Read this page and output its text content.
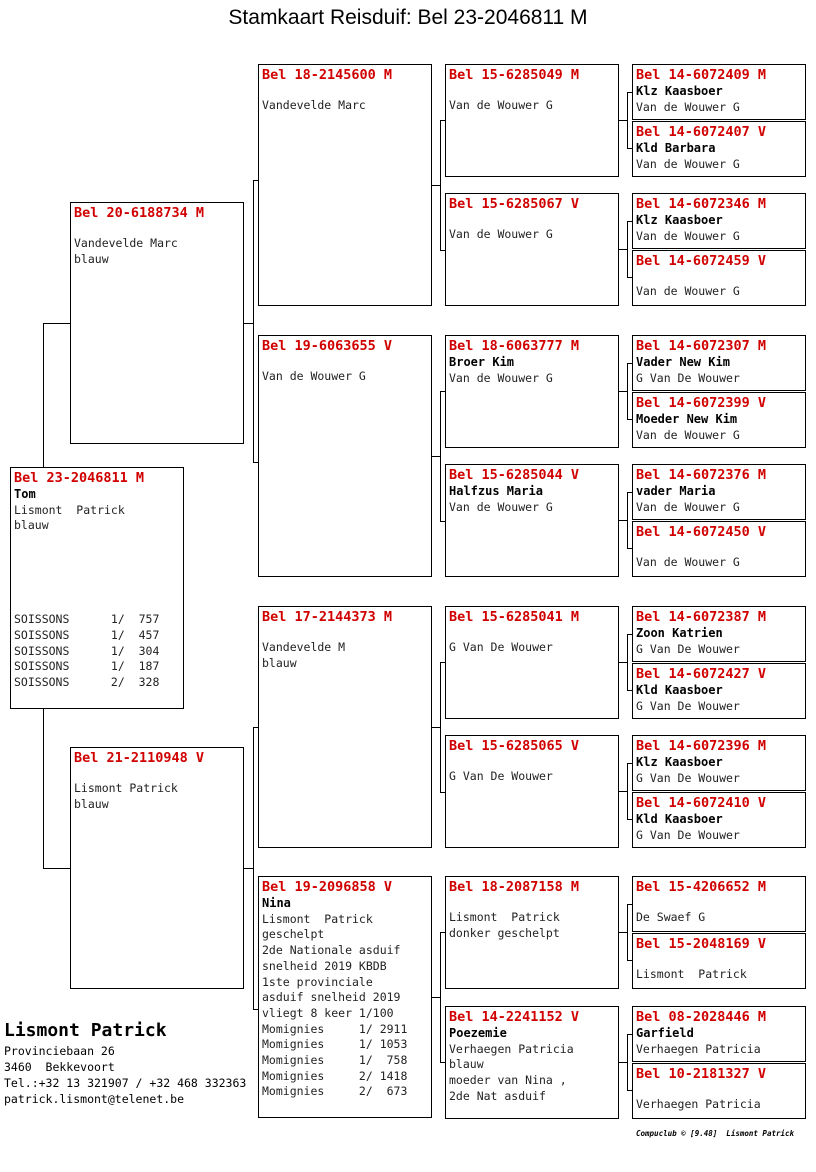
Stamkaart Reisduif: Bel 23-2046811 M
Bel 23-2046811 M
Tom
Lismont  Patrick
blauw
SOISSONS      1/  757
SOISSONS      1/  457
SOISSONS      1/  304
SOISSONS      1/  187
SOISSONS      2/  328
Bel 20-6188734 M
Vandevelde Marc
blauw
Bel 21-2110948 V
Lismont Patrick
blauw
Bel 18-2145600 M
Vandevelde Marc
Bel 19-6063655 V
Van de Wouwer G
Bel 17-2144373 M
Vandevelde M
blauw
Bel 19-2096858 V
Nina
Lismont  Patrick
geschelpt
2de Nationale asduif
snelheid 2019 KBDB
1ste provinciale
asduif snelheid 2019
vliegt 8 keer 1/100
Momignies     1/ 2911
Momignies     1/ 1053
Momignies     1/  758
Momignies     2/ 1418
Momignies     2/  673
Bel 15-6285049 M
Van de Wouwer G
Bel 15-6285067 V
Van de Wouwer G
Bel 18-6063777 M
Broer Kim
Van de Wouwer G
Bel 15-6285044 V
Halfzus Maria
Van de Wouwer G
Bel 15-6285041 M
G Van De Wouwer
Bel 15-6285065 V
G Van De Wouwer
Bel 18-2087158 M
Lismont  Patrick
donker geschelpt
Bel 14-2241152 V
Poezemie
Verhaegen Patricia
blauw
moeder van Nina ,
2de Nat asduif
Bel 14-6072409 M
Klz Kaasboer
Van de Wouwer G
Bel 14-6072407 V
Kld Barbara
Van de Wouwer G
Bel 14-6072346 M
Klz Kaasboer
Van de Wouwer G
Bel 14-6072459 V
Van de Wouwer G
Bel 14-6072307 M
Vader New Kim
G Van De Wouwer
Bel 14-6072399 V
Moeder New Kim
Van de Wouwer G
Bel 14-6072376 M
vader Maria
Van de Wouwer G
Bel 14-6072450 V
Van de Wouwer G
Bel 14-6072387 M
Zoon Katrien
G Van De Wouwer
Bel 14-6072427 V
Kld Kaasboer
G Van De Wouwer
Bel 14-6072396 M
Klz Kaasboer
G Van De Wouwer
Bel 14-6072410 V
Kld Kaasboer
G Van De Wouwer
Bel 15-4206652 M
De Swaef G
Bel 15-2048169 V
Lismont  Patrick
Bel 08-2028446 M
Garfield
Verhaegen Patricia
Bel 10-2181327 V
Verhaegen Patricia
Lismont Patrick
Provinciebaan 26
3460  Bekkevoort
Tel.:+32 13 321907 / +32 468 332363
patrick.lismont@telenet.be
Compuclub © [9.48]  Lismont Patrick
